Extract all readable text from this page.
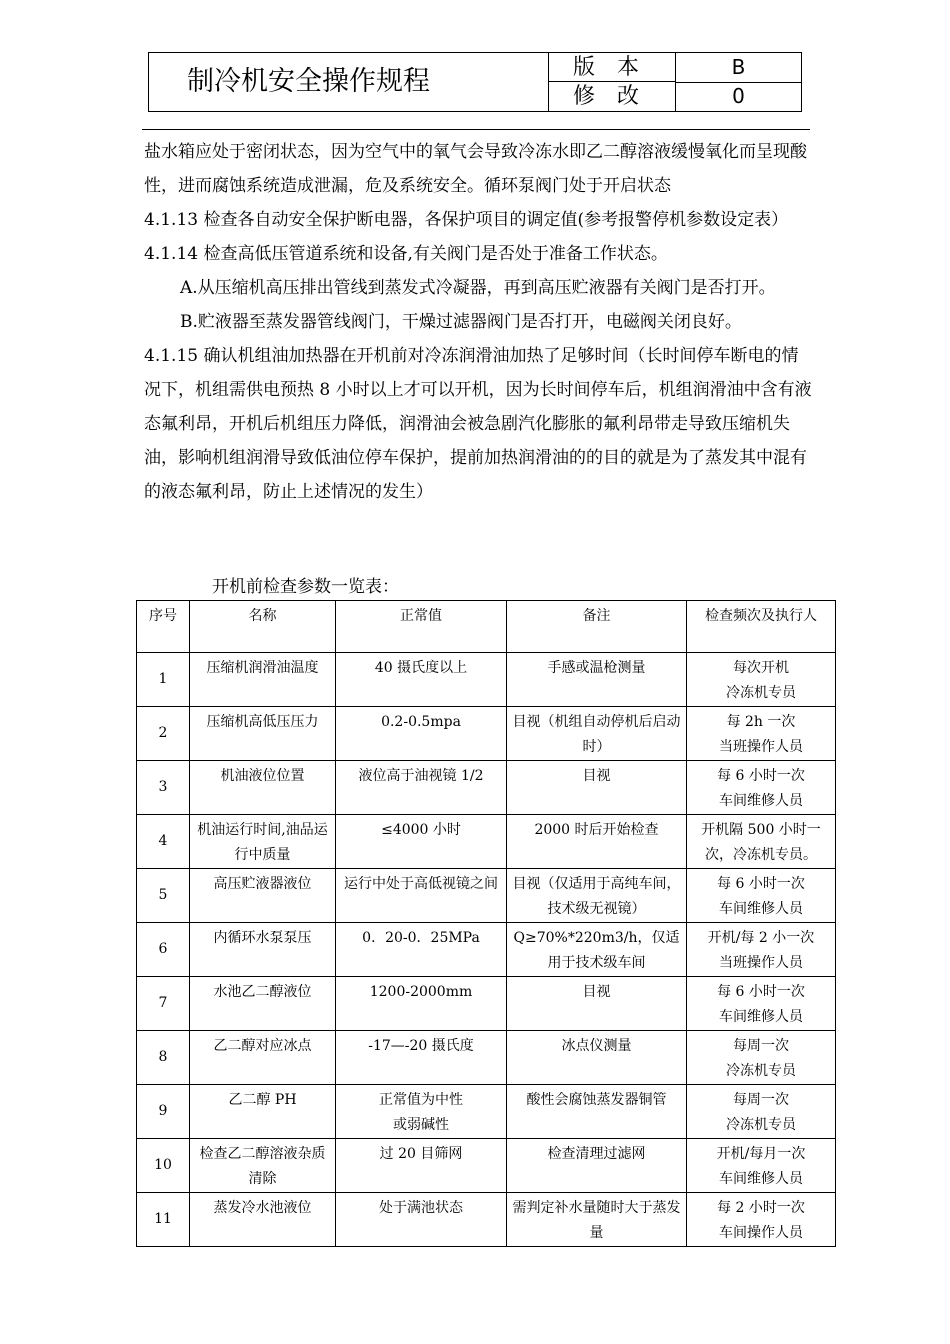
制冷机安全操作规程	版　本	B
修　改	0

盐水箱应处于密闭状态，因为空气中的氧气会导致冷冻水即乙二醇溶液缓慢氧化而呈现酸性，进而腐蚀系统造成泄漏，危及系统安全。循环泵阀门处于开启状态

4.1.13 检查各自动安全保护断电器，各保护项目的调定值(参考报警停机参数设定表）

4.1.14 检查高低压管道系统和设备,有关阀门是否处于准备工作状态。

A.从压缩机高压排出管线到蒸发式冷凝器，再到高压贮液器有关阀门是否打开。

B.贮液器至蒸发器管线阀门，干燥过滤器阀门是否打开，电磁阀关闭良好。

4.1.15 确认机组油加热器在开机前对冷冻润滑油加热了足够时间（长时间停车断电的情况下，机组需供电预热 8 小时以上才可以开机，因为长时间停车后，机组润滑油中含有液态氟利昂，开机后机组压力降低，润滑油会被急剧汽化膨胀的氟利昂带走导致压缩机失油，影响机组润滑导致低油位停车保护，提前加热润滑油的的目的就是为了蒸发其中混有的液态氟利昂，防止上述情况的发生）

开机前检查参数一览表：
序号	名称	正常值	备注	检查频次及执行人
1	压缩机润滑油温度	40 摄氏度以上	手感或温枪测量	每次开机
冷冻机专员
2	压缩机高低压压力	0.2-0.5mpa	目视（机组自动停机后启动时）	每 2h 一次
当班操作人员
3	机油液位位置	液位高于油视镜 1/2	目视	每 6 小时一次
车间维修人员
4	机油运行时间,油品运行中质量	≤4000 小时	2000 时后开始检查	开机隔 500 小时一次，冷冻机专员。
5	高压贮液器液位	运行中处于高低视镜之间	目视（仅适用于高纯车间，技术级无视镜）	每 6 小时一次
车间维修人员
6	内循环水泵泵压	0．20-0．25MPa	Q≥70%*220m3/h，仅适用于技术级车间	开机/每 2 小一次
当班操作人员
7	水池乙二醇液位	1200-2000mm	目视	每 6 小时一次
车间维修人员
8	乙二醇对应冰点	-17—-20 摄氏度	冰点仪测量	每周一次
冷冻机专员
9	乙二醇 PH	正常值为中性
或弱碱性	酸性会腐蚀蒸发器铜管	每周一次
冷冻机专员
10	检查乙二醇溶液杂质清除	过 20 目筛网	检查清理过滤网	开机/每月一次
车间维修人员
11	蒸发冷水池液位	处于满池状态	需判定补水量随时大于蒸发量	每 2 小时一次
车间操作人员
